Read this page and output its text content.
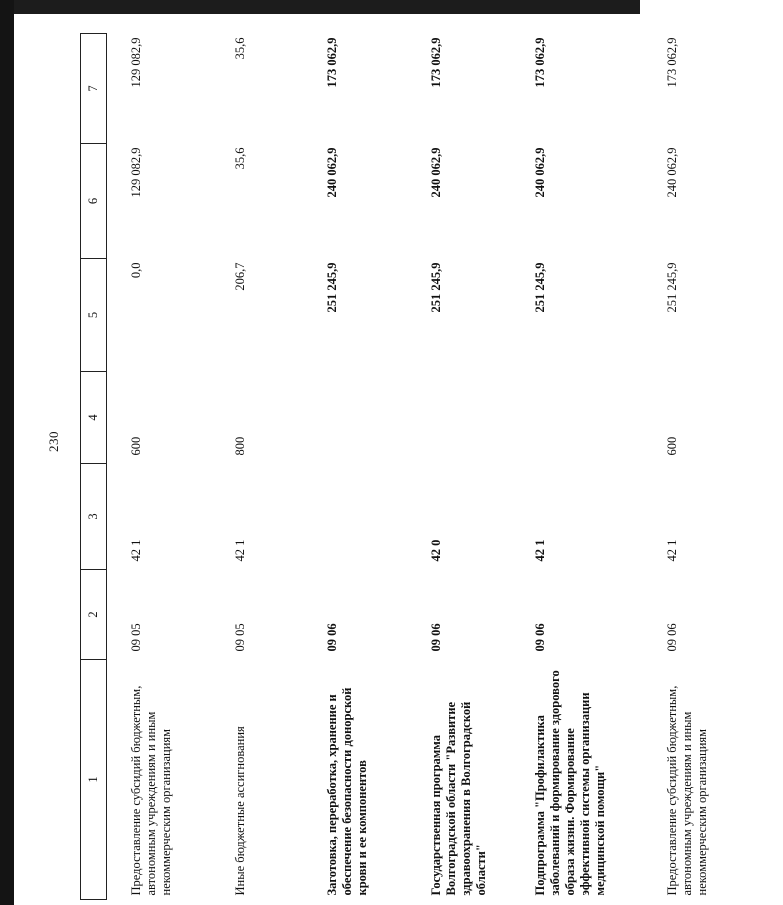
230
1	2	3	4	5	6	7
Предоставление субсидий бюджетным, автономным учреждениям и иным некоммерческим организациям	09 05	42 1	600	0,0	129 082,9	129 082,9
Иные бюджетные ассигнования	09 05	42 1	800	206,7	35,6	35,6
Заготовка, переработка, хранение и обеспечение безопасности донорской крови и ее компонентов	09 06			251 245,9	240 062,9	173 062,9
Государственная программа Волгоградской области "Развитие здравоохранения в Волгоградской области"	09 06	42 0		251 245,9	240 062,9	173 062,9
Подпрограмма "Профилактика заболеваний и формирование здорового образа жизни. Формирование эффективной системы организации медицинской помощи"	09 06	42 1		251 245,9	240 062,9	173 062,9
Предоставление субсидий бюджетным, автономным учреждениям и иным некоммерческим организациям	09 06	42 1	600	251 245,9	240 062,9	173 062,9
